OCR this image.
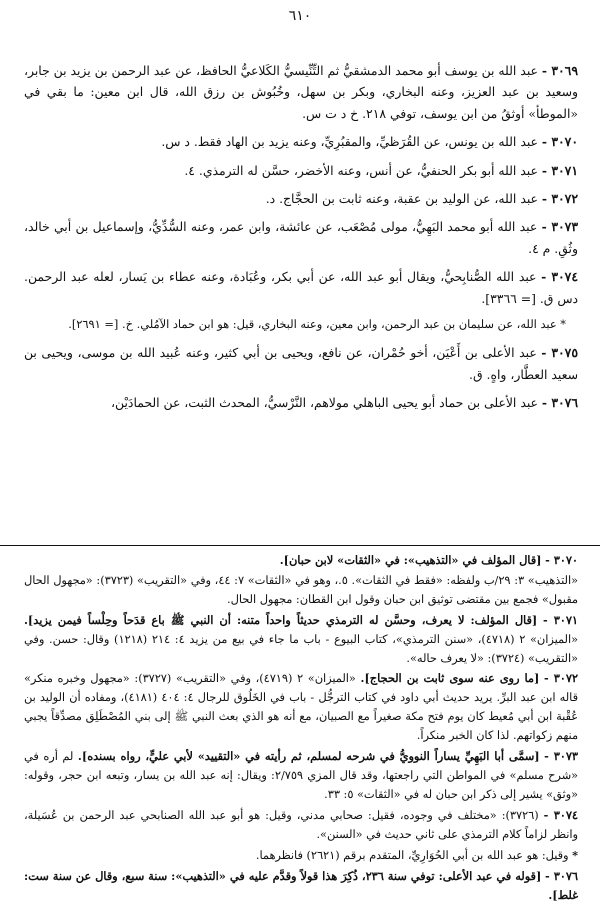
٦١٠

٣٠٦٩ - عبد الله بن يوسف أبو محمد الدمشقيُّ ثم التِّنِّيسيُّ الكَلاعيُّ الحافظ، عن عبد الرحمن بن يزيد بن جابر، وسعيد بن عبد العزيز، وعنه البخاري، وبكر بن سهل، وخُبُوش بن رزق الله، قال ابن معين: ما بقي في «الموطأ» أوثقُ من ابن يوسف، توفي ٢١٨. خ د ت س.

٣٠٧٠ - عبد الله بن يونس، عن القُرَظيِّ، والمقبُرِيِّ، وعنه يزيد بن الهاد فقط. د س.

٣٠٧١ - عبد الله أبو بكر الحنفيُّ، عن أنس، وعنه الأخضر، حسَّن له الترمذي. ٤.

٣٠٧٢ - عبد الله، عن الوليد بن عقبة، وعنه ثابت بن الحجَّاج. د.

٣٠٧٣ - عبد الله أبو محمد البَهِيُّ، مولى مُصْعَب، عن عائشة، وابن عمر، وعنه السُّدِّيُّ، وإسماعيل بن أبي خالد، وثُقِ. م ٤.

٣٠٧٤ - عبد الله الصُّنابِحيُّ، ويقال أبو عبد الله، عن أبي بكر، وعُبَادة، وعنه عطاء بن يَسار، لعله عبد الرحمن. دس ق. [= ٣٣٦٦].

* عبد الله، عن سليمان بن عبد الرحمن، وابن معين، وعنه البخاري، قيل: هو ابن حماد الآمُلي. خ. [= ٢٦٩١].

٣٠٧٥ - عبد الأعلى بن أَعْيَن، أخو حُمْران، عن نافع، ويحيى بن أبي كثير، وعنه عُبيد الله بن موسى، ويحيى بن سعيد العطَّار، واهٍ. ق.

٣٠٧٦ - عبد الأعلى بن حماد أبو يحيى الباهلي مولاهم، النَّرْسيُّ، المحدث الثبت، عن الحمادَيْن،

٣٠٧٠ - [قال المؤلف في «التذهيب»: في «الثقات» لابن حبان].

«التذهيب» ٣: ٢٩/ب ولفظه: «فقط في الثقات». ٥.، وهو في «الثقات» ٧: ٤٤، وفي «التقريب» (٣٧٢٣): «مجهول الحال مقبول» فجمع بين مقتضى توثيق ابن حبان وقول ابن القطان: مجهول الحال.

٣٠٧١ - [قال المؤلف: لا يعرف، وحسَّن له الترمذي حديثاً واحداً متنه: أن النبي ﷺ باع قدَحاً وحِلْساً فيمن يزيد]. «الميزان» ٢ (٤٧١٨)، «سنن الترمذي»، كتاب البيوع - باب ما جاء في بيع من يزيد ٤: ٢١٤ (١٢١٨) وقال: حسن. وفي «التقريب» (٣٧٢٤): «لا يعرف حاله».

٣٠٧٢ - [ما روى عنه سوى ثابت بن الحجاج]. «الميزان» ٢ (٤٧١٩)، وفي «التقريب» (٣٧٢٧): «مجهول وخبره منكر» قاله ابن عبد البرِّ. يريد حديث أبي داود في كتاب الترجُّل - باب في الخَلُوق للرجال ٤: ٤٠٤ (٤١٨١)، ومفاده أن الوليد بن عُقْبة ابن أبي مُعيط كان يوم فتح مكة صغيراً مع الصبيان، مع أنه هو الذي بعث النبي ﷺ إلى بني المُصْطَلِق مصدِّقاً يجبي منهم زكواتهم. لذا كان الخبر منكراً.

٣٠٧٣ - [سمَّى أبا البَهِيِّ يساراً النوويُّ في شرحه لمسلم، ثم رأيته في «التقييد» لأبي عليٍّ، رواه بسنده]. لم أره في «شرح مسلم» في المواطن التي راجعتها، وقد قال المزي ٢/٧٥٩: ويقال: إنه عبد الله بن يسار، وتبعه ابن حجر، وقوله: «وثق» يشير إلى ذكر ابن حبان له في «الثقات» ٥: ٣٣.

٣٠٧٤ - (٣٧٢٦): «مختلف في وجوده، فقيل: صحابي مدني، وقيل: هو أبو عبد الله الصنابحي عبد الرحمن بن عُسَيلة، وانظر لزاماً كلام الترمذي على ثاني حديث في «السنن».

* وقيل: هو عبد الله بن أبي الحُوَارِيِّ، المتقدم برقم (٢٦٢١) فانظرهما.

٣٠٧٦ - [قوله في عبد الأعلى: توفي سنة ٢٣٦، ذُكِرَ هذا قولاً وقدَّم عليه في «التذهيب»: سنة سبع، وقال عن سنة ست: غلط].
